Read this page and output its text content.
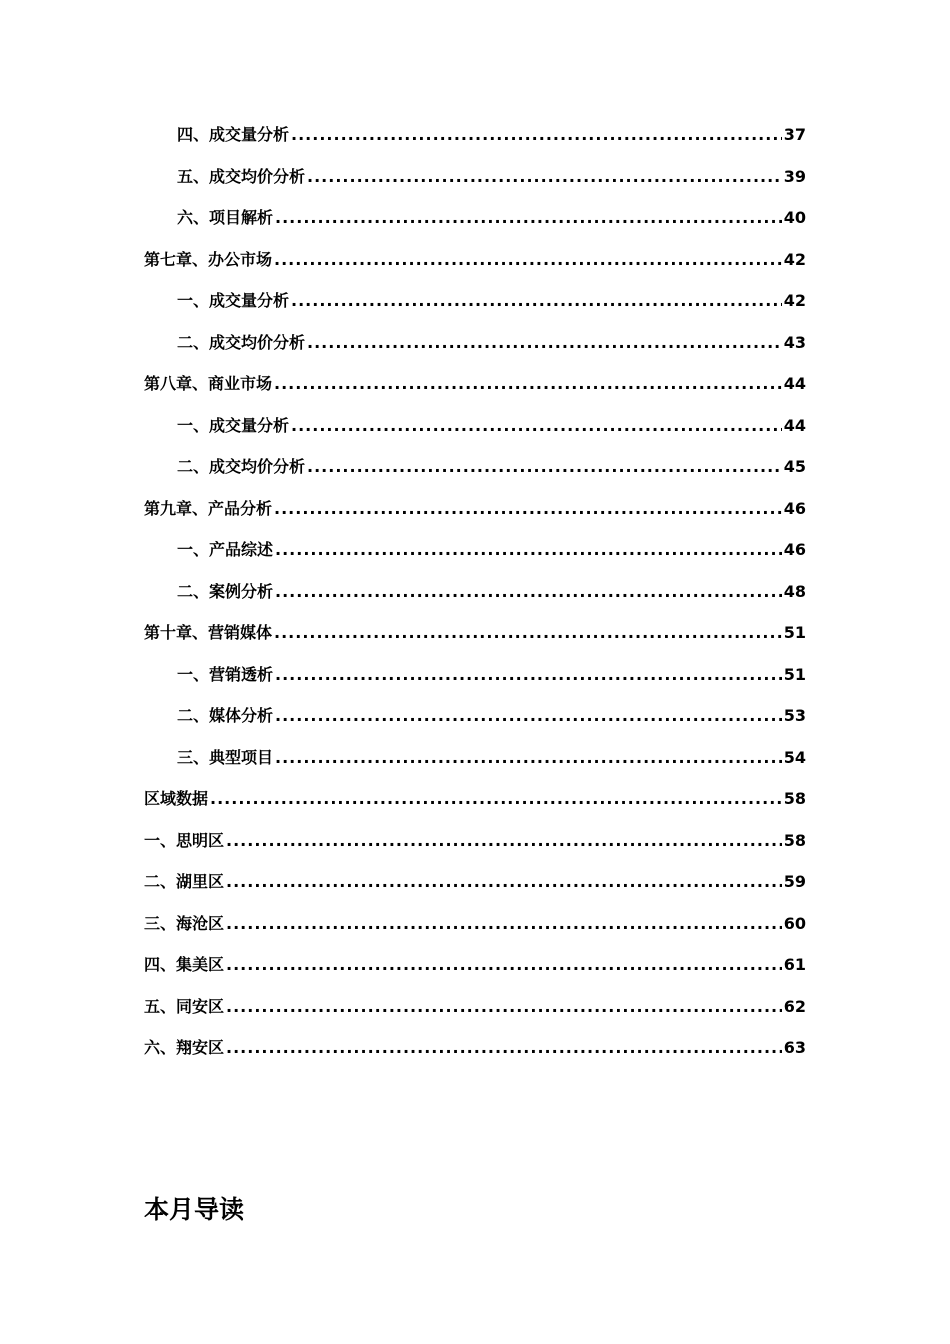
四、成交量分析 .....	37
五、成交均价分析 .....	39
六、项目解析 .....	40
第七章、办公市场 .....	42
一、成交量分析 .....	42
二、成交均价分析 .....	43
第八章、商业市场 .....	44
一、成交量分析 .....	44
二、成交均价分析 .....	45
第九章、产品分析 .....	46
一、产品综述 .....	46
二、案例分析 .....	48
第十章、营销媒体 .....	51
一、营销透析 .....	51
二、媒体分析 .....	53
三、典型项目 .....	54
区域数据 .....	58
一、思明区 .....	58
二、湖里区 .....	59
三、海沧区 .....	60
四、集美区 .....	61
五、同安区 .....	62
六、翔安区 .....	63
本月导读
